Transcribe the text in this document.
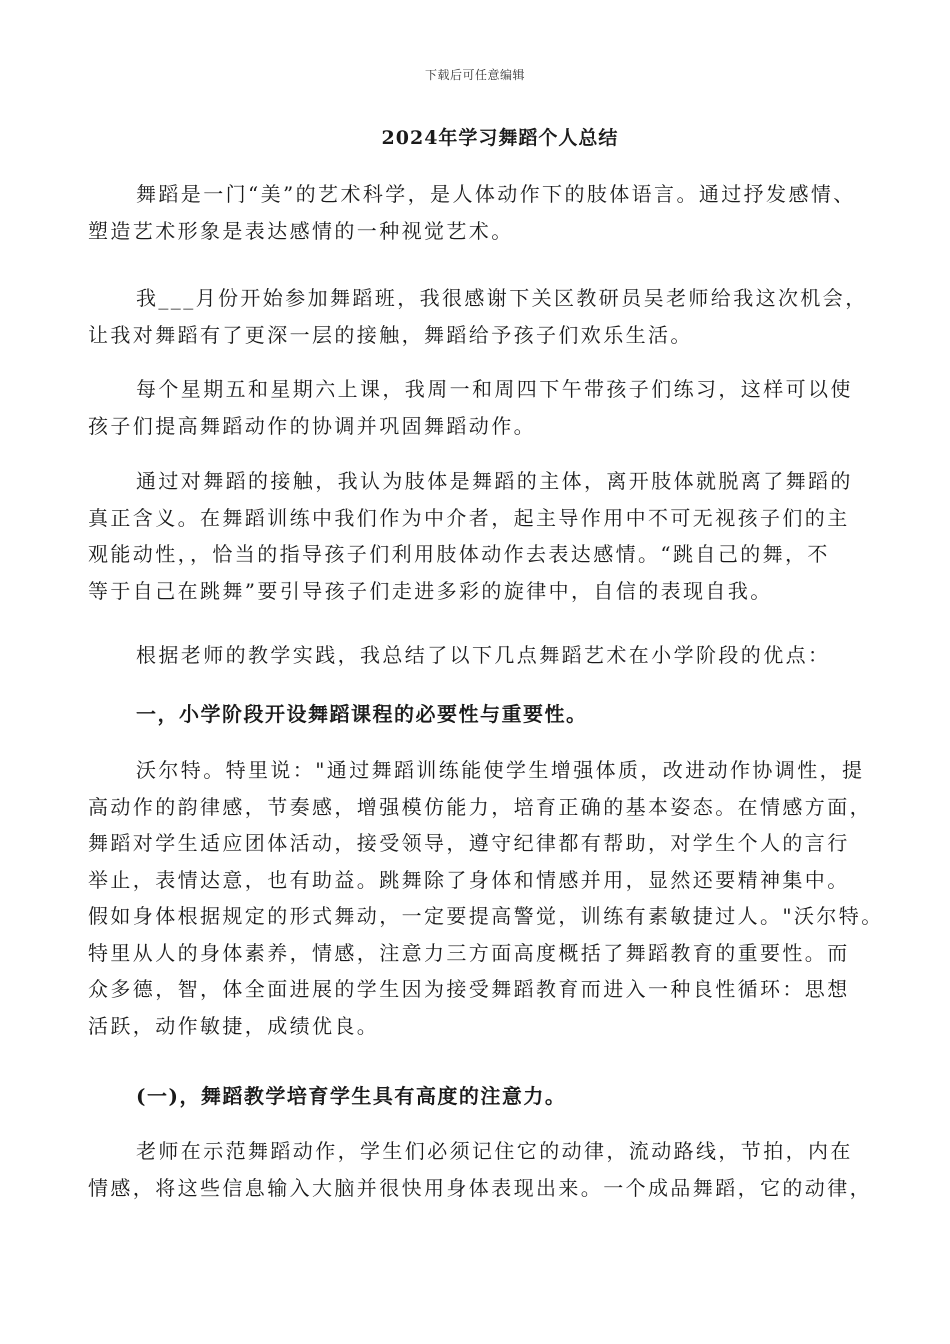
下载后可任意编辑
2024年学习舞蹈个人总结
舞蹈是一门“美”的艺术科学，是人体动作下的肢体语言。通过抒发感情、
塑造艺术形象是表达感情的一种视觉艺术。
我___月份开始参加舞蹈班，我很感谢下关区教研员吴老师给我这次机会，
让我对舞蹈有了更深一层的接触，舞蹈给予孩子们欢乐生活。
每个星期五和星期六上课，我周一和周四下午带孩子们练习，这样可以使
孩子们提高舞蹈动作的协调并巩固舞蹈动作。
通过对舞蹈的接触，我认为肢体是舞蹈的主体，离开肢体就脱离了舞蹈的
真正含义。在舞蹈训练中我们作为中介者，起主导作用中不可无视孩子们的主
观能动性，，恰当的指导孩子们利用肢体动作去表达感情。“跳自己的舞，不
等于自己在跳舞”要引导孩子们走进多彩的旋律中，自信的表现自我。
根据老师的教学实践，我总结了以下几点舞蹈艺术在小学阶段的优点：
一，小学阶段开设舞蹈课程的必要性与重要性。
沃尔特。特里说："通过舞蹈训练能使学生增强体质，改进动作协调性，提
高动作的韵律感，节奏感，增强模仿能力，培育正确的基本姿态。在情感方面，
舞蹈对学生适应团体活动，接受领导，遵守纪律都有帮助，对学生个人的言行
举止，表情达意，也有助益。跳舞除了身体和情感并用，显然还要精神集中。
假如身体根据规定的形式舞动，一定要提高警觉，训练有素敏捷过人。"沃尔特。
特里从人的身体素养，情感，注意力三方面高度概括了舞蹈教育的重要性。而
众多德，智，体全面进展的学生因为接受舞蹈教育而进入一种良性循环：思想
活跃，动作敏捷，成绩优良。
(一)，舞蹈教学培育学生具有高度的注意力。
老师在示范舞蹈动作，学生们必须记住它的动律，流动路线，节拍，内在
情感，将这些信息输入大脑并很快用身体表现出来。一个成品舞蹈，它的动律，
